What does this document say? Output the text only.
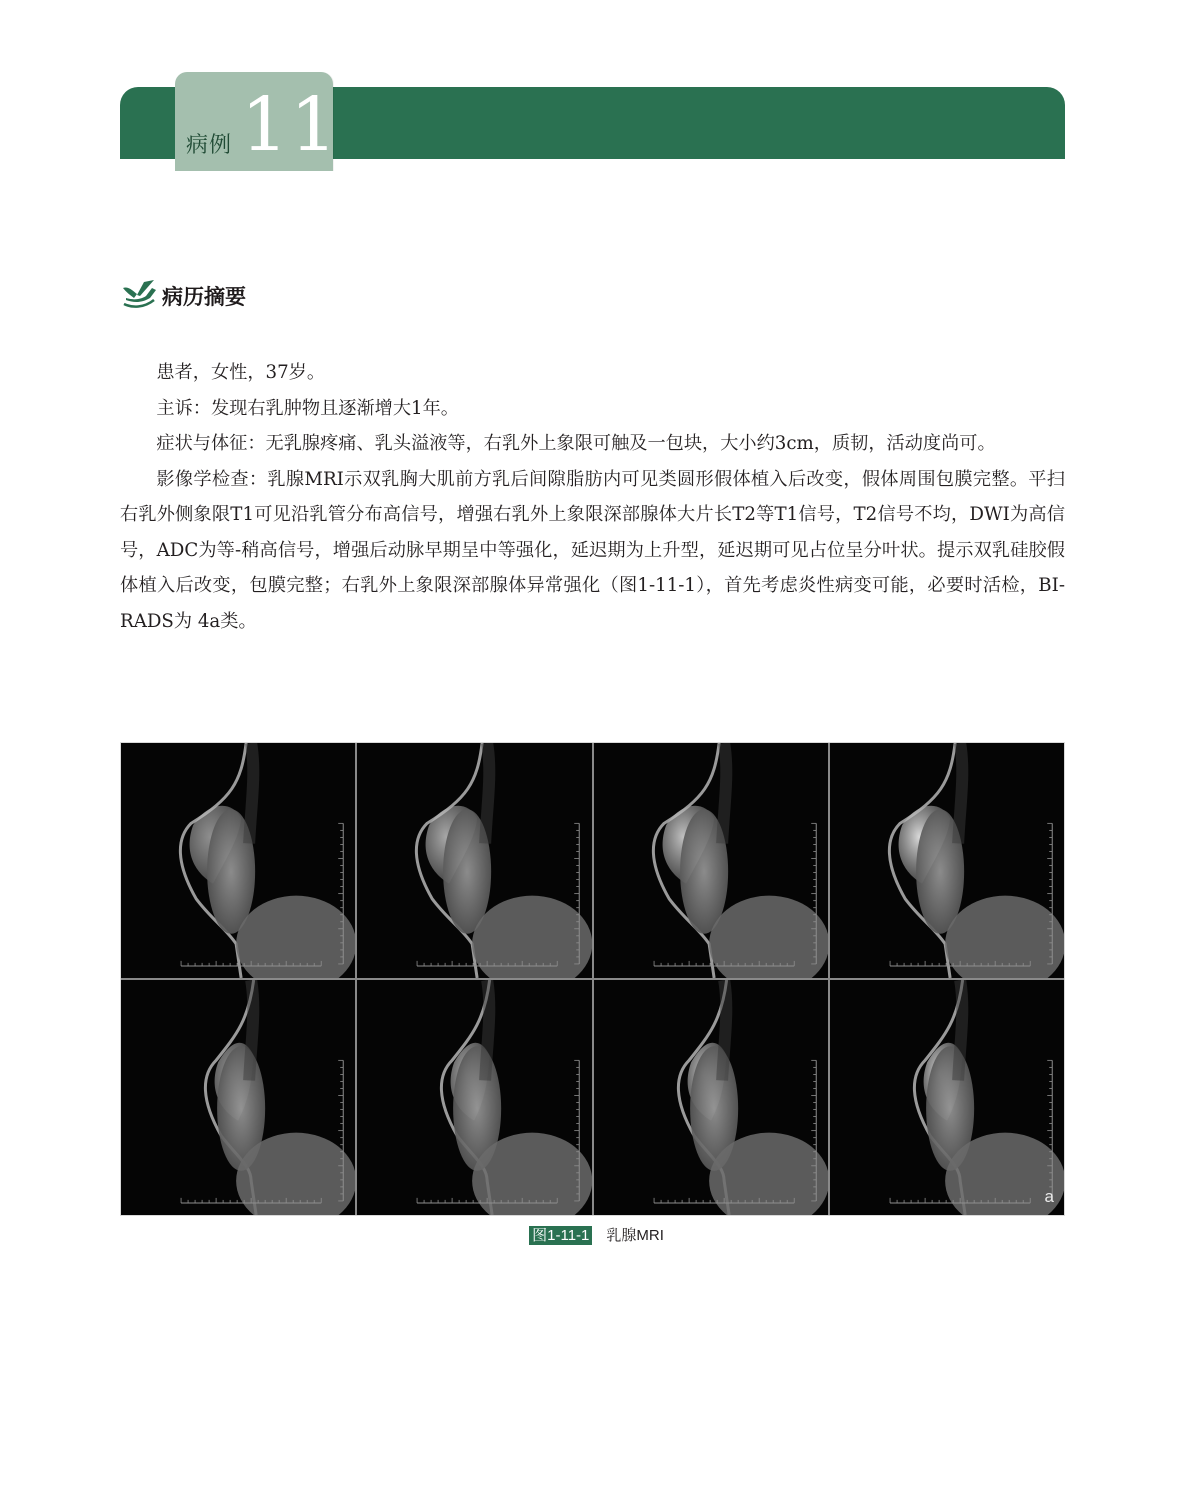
病例 11
病历摘要

患者，女性，37岁。

主诉：发现右乳肿物且逐渐增大1年。

症状与体征：无乳腺疼痛、乳头溢液等，右乳外上象限可触及一包块，大小约3cm，质韧，活动度尚可。

影像学检查：乳腺MRI示双乳胸大肌前方乳后间隙脂肪内可见类圆形假体植入后改变，假体周围包膜完整。平扫右乳外侧象限T1可见沿乳管分布高信号，增强右乳外上象限深部腺体大片长T2等T1信号，T2信号不均，DWI为高信号，ADC为等-稍高信号，增强后动脉早期呈中等强化，延迟期为上升型，延迟期可见占位呈分叶状。提示双乳硅胶假体植入后改变，包膜完整；右乳外上象限深部腺体异常强化（图1-11-1），首先考虑炎性病变可能，必要时活检，BI-RADS为 4a类。

a
图1-11-1 乳腺MRI
